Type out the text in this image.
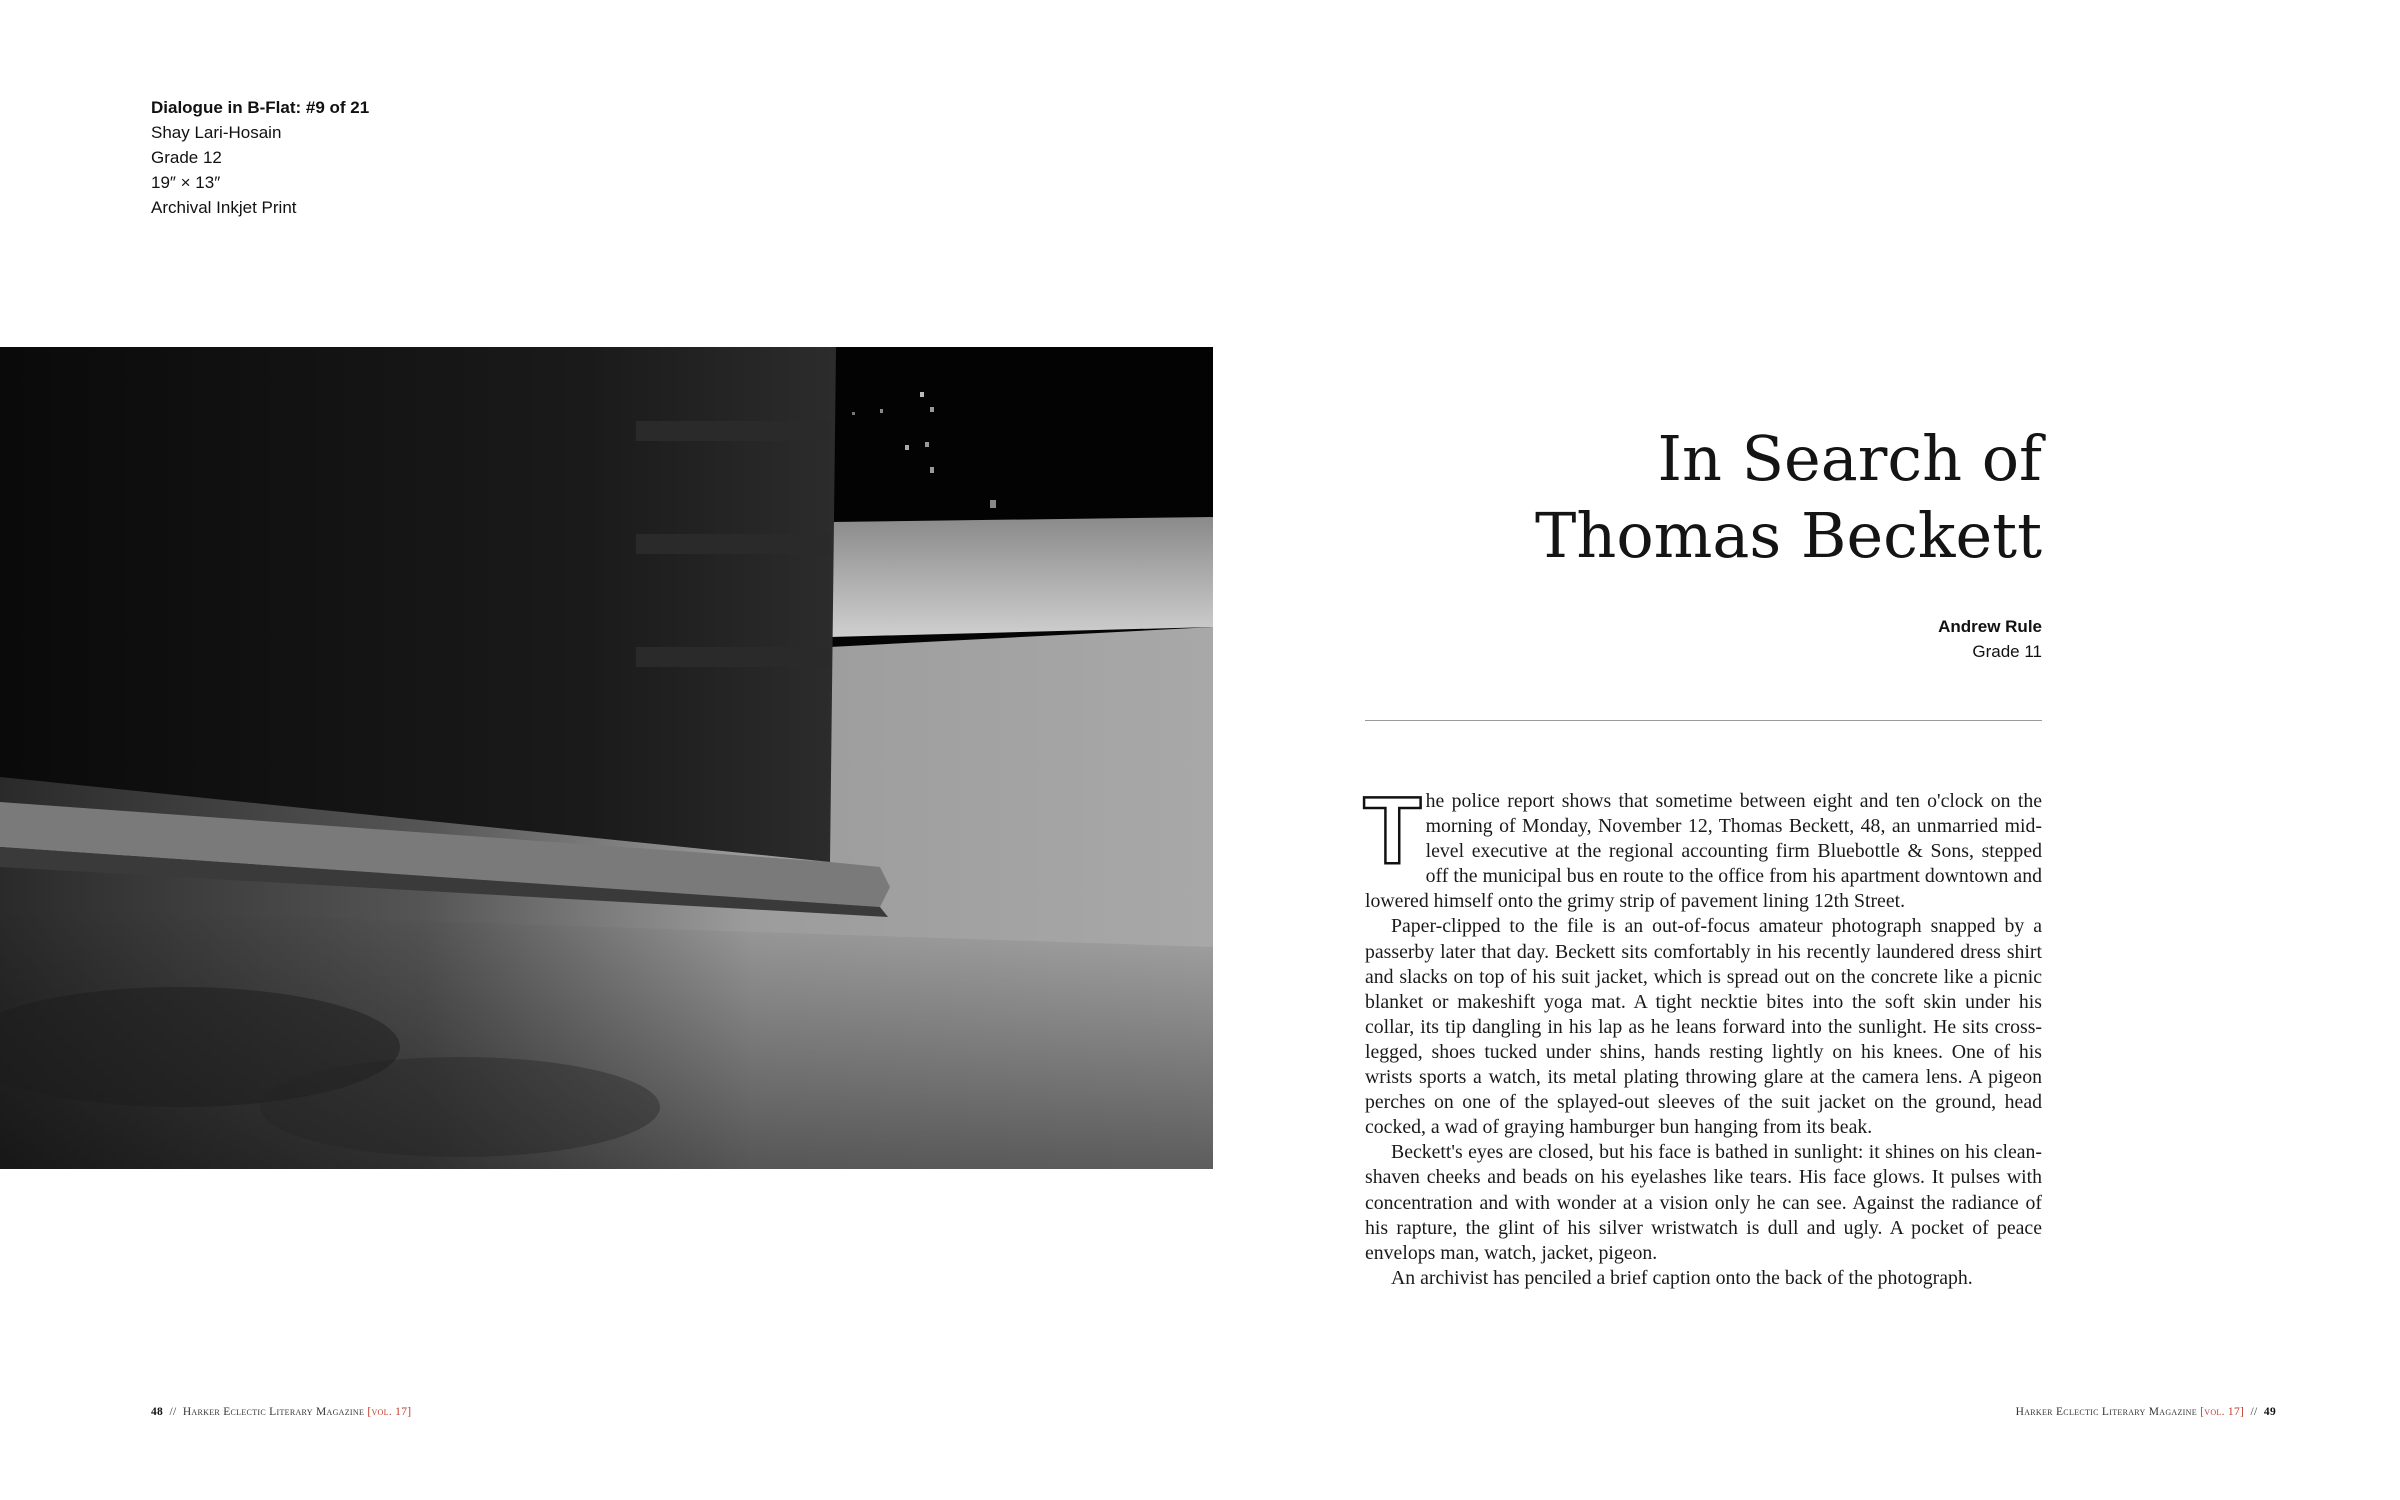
Dialogue in B-Flat: #9 of 21
Shay Lari-Hosain
Grade 12
19″ × 13″
Archival Inkjet Print
In Search of
Thomas Beckett
Andrew Rule
Grade 11

The police report shows that sometime between eight and ten o'clock on the morning of Monday, November 12, Thomas Beckett, 48, an unmarried mid-level executive at the regional accounting firm Bluebottle & Sons, stepped off the municipal bus en route to the office from his apartment downtown and lowered himself onto the grimy strip of pavement lining 12th Street.

Paper-clipped to the file is an out-of-focus amateur photograph snapped by a passerby later that day. Beckett sits comfortably in his recently laundered dress shirt and slacks on top of his suit jacket, which is spread out on the concrete like a picnic blanket or makeshift yoga mat. A tight necktie bites into the soft skin under his collar, its tip dangling in his lap as he leans forward into the sunlight. He sits cross-legged, shoes tucked under shins, hands resting lightly on his knees. One of his wrists sports a watch, its metal plating throwing glare at the camera lens. A pigeon perches on one of the splayed-out sleeves of the suit jacket on the ground, head cocked, a wad of graying hamburger bun hanging from its beak.

Beckett's eyes are closed, but his face is bathed in sunlight: it shines on his clean-shaven cheeks and beads on his eyelashes like tears. His face glows. It pulses with concentration and with wonder at a vision only he can see. Against the radiance of his rapture, the glint of his silver wristwatch is dull and ugly. A pocket of peace envelops man, watch, jacket, pigeon.

An archivist has penciled a brief caption onto the back of the photograph.

48 // Harker Eclectic Literary Magazine [vol. 17]	Harker Eclectic Literary Magazine [vol. 17] // 49
